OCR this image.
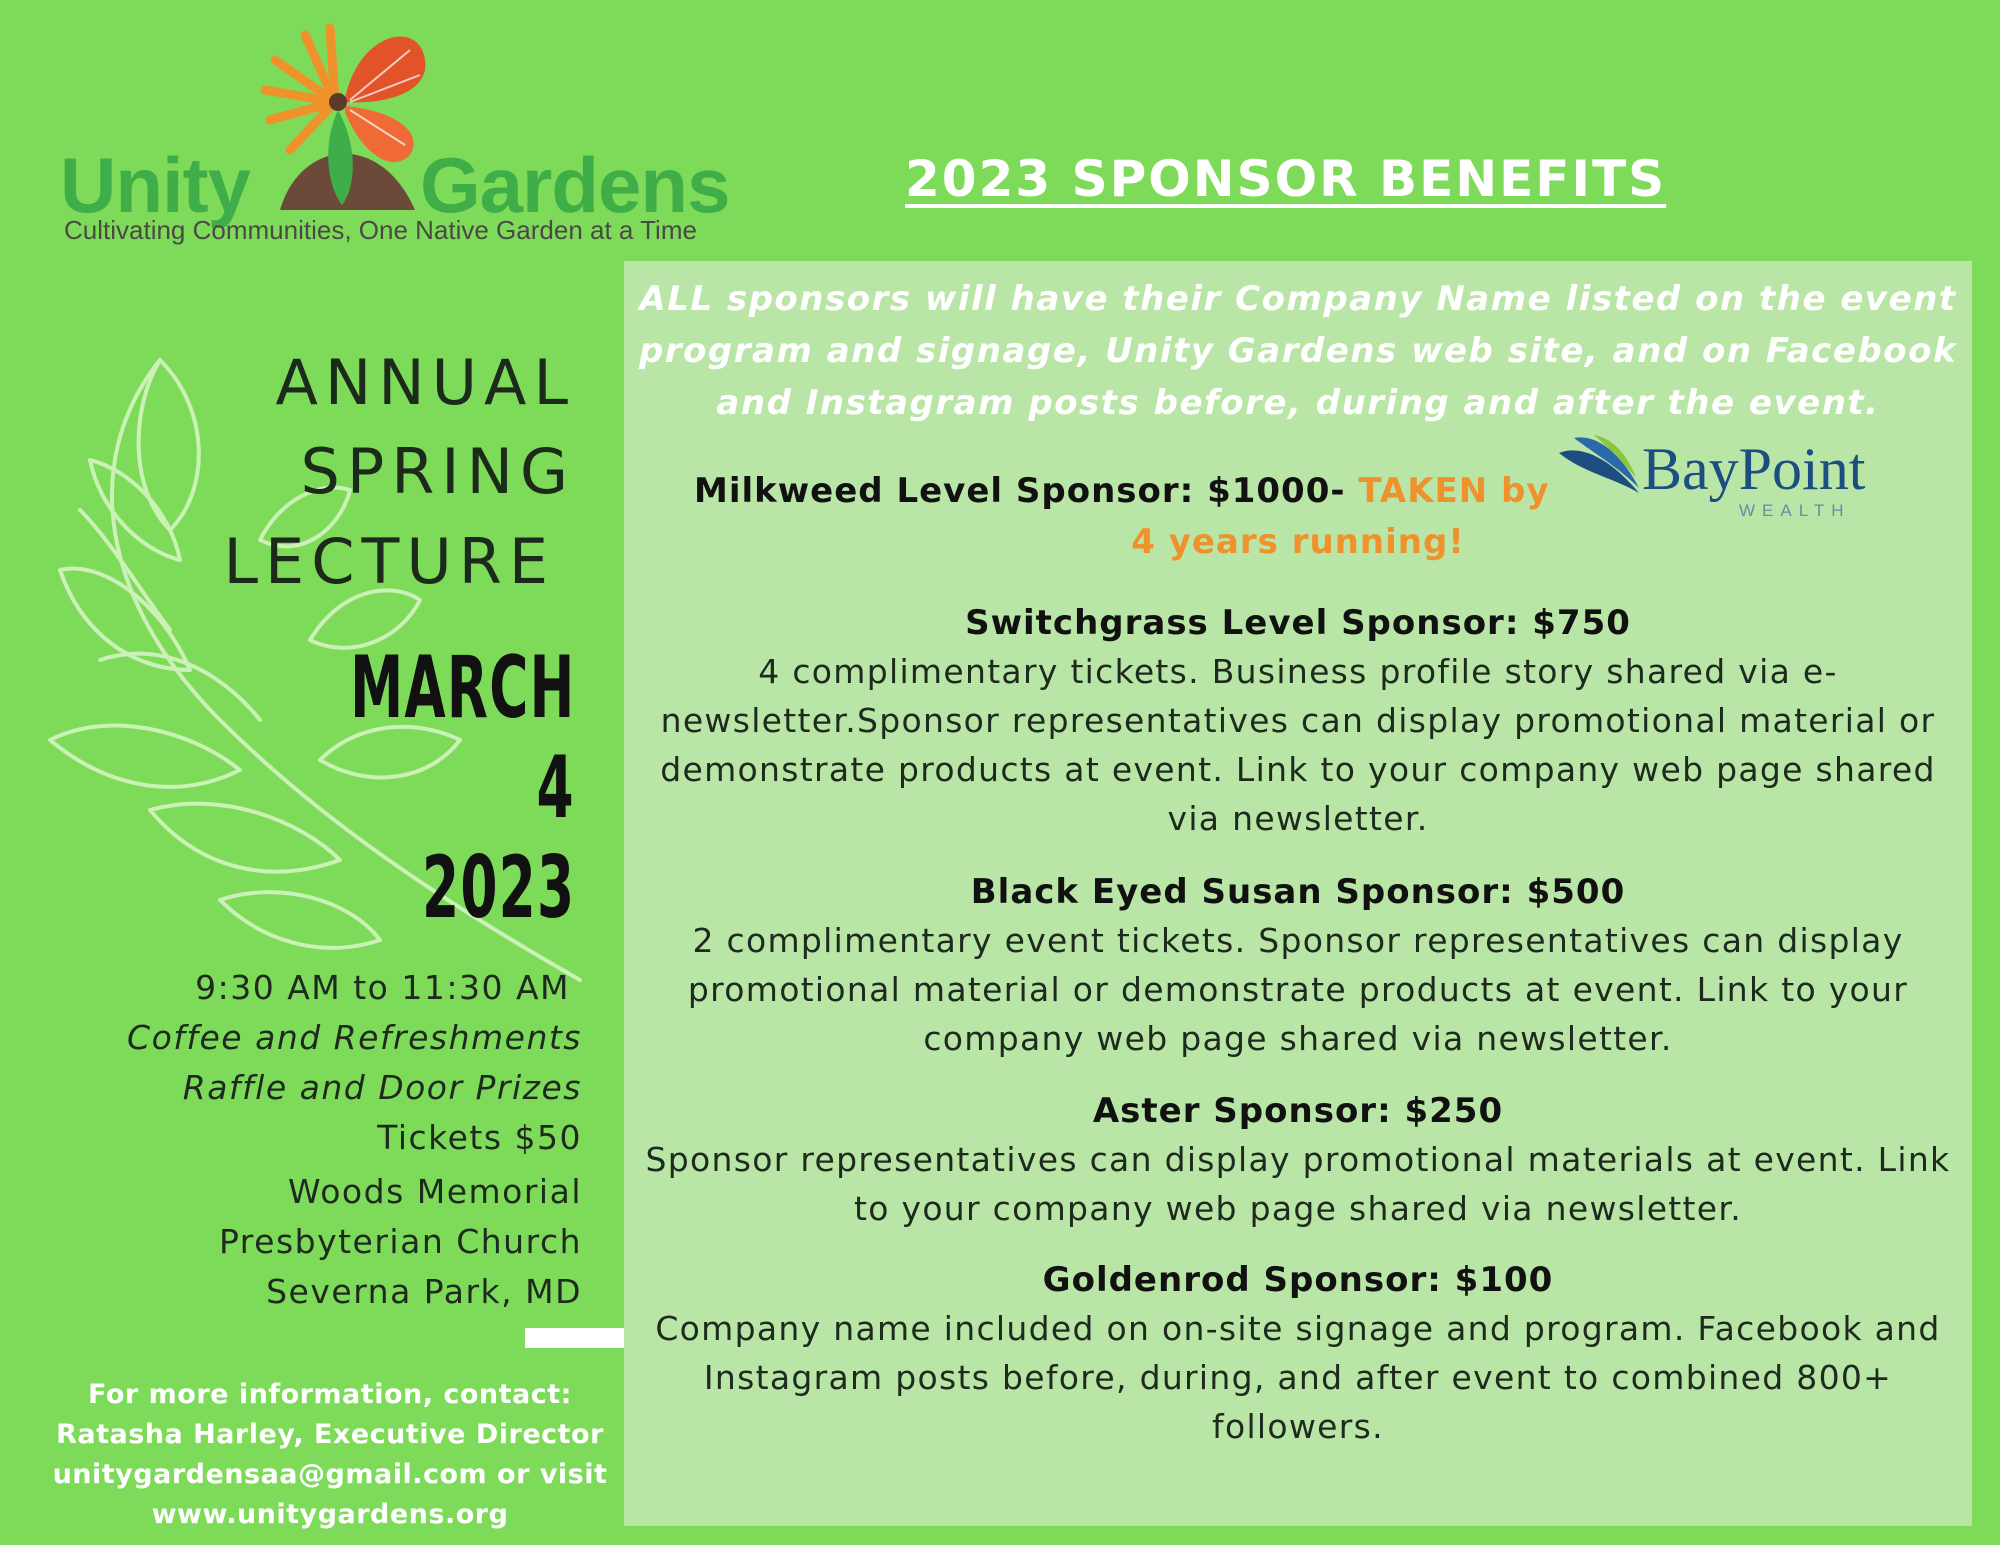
Unity Gardens
Cultivating Communities, One Native Garden at a Time
2023 SPONSOR BENEFITS
ANNUAL
SPRING
LECTURE
MARCH
4
2023
9:30 AM to 11:30 AM
Coffee and Refreshments
Raffle and Door Prizes
Tickets $50
Woods Memorial
Presbyterian Church
Severna Park, MD
For more information, contact:
Ratasha Harley, Executive Director
unitygardensaa@gmail.com or visit
www.unitygardens.org
ALL sponsors will have their Company Name listed on the event program and signage, Unity Gardens web site, and on Facebook and Instagram posts before, during and after the event.
Milkweed Level Sponsor: $1000- TAKEN by BayPoint
WEALTH
4 years running!
Switchgrass Level Sponsor: $750
4 complimentary tickets. Business profile story shared via e-newsletter.Sponsor representatives can display promotional material or demonstrate products at event. Link to your company web page shared via newsletter.
Black Eyed Susan Sponsor: $500
2 complimentary event tickets. Sponsor representatives can display promotional material or demonstrate products at event. Link to your company web page shared via newsletter.
Aster Sponsor: $250
Sponsor representatives can display promotional materials at event. Link to your company web page shared via newsletter.
Goldenrod Sponsor: $100
Company name included on on-site signage and program. Facebook and Instagram posts before, during, and after event to combined 800+ followers.
